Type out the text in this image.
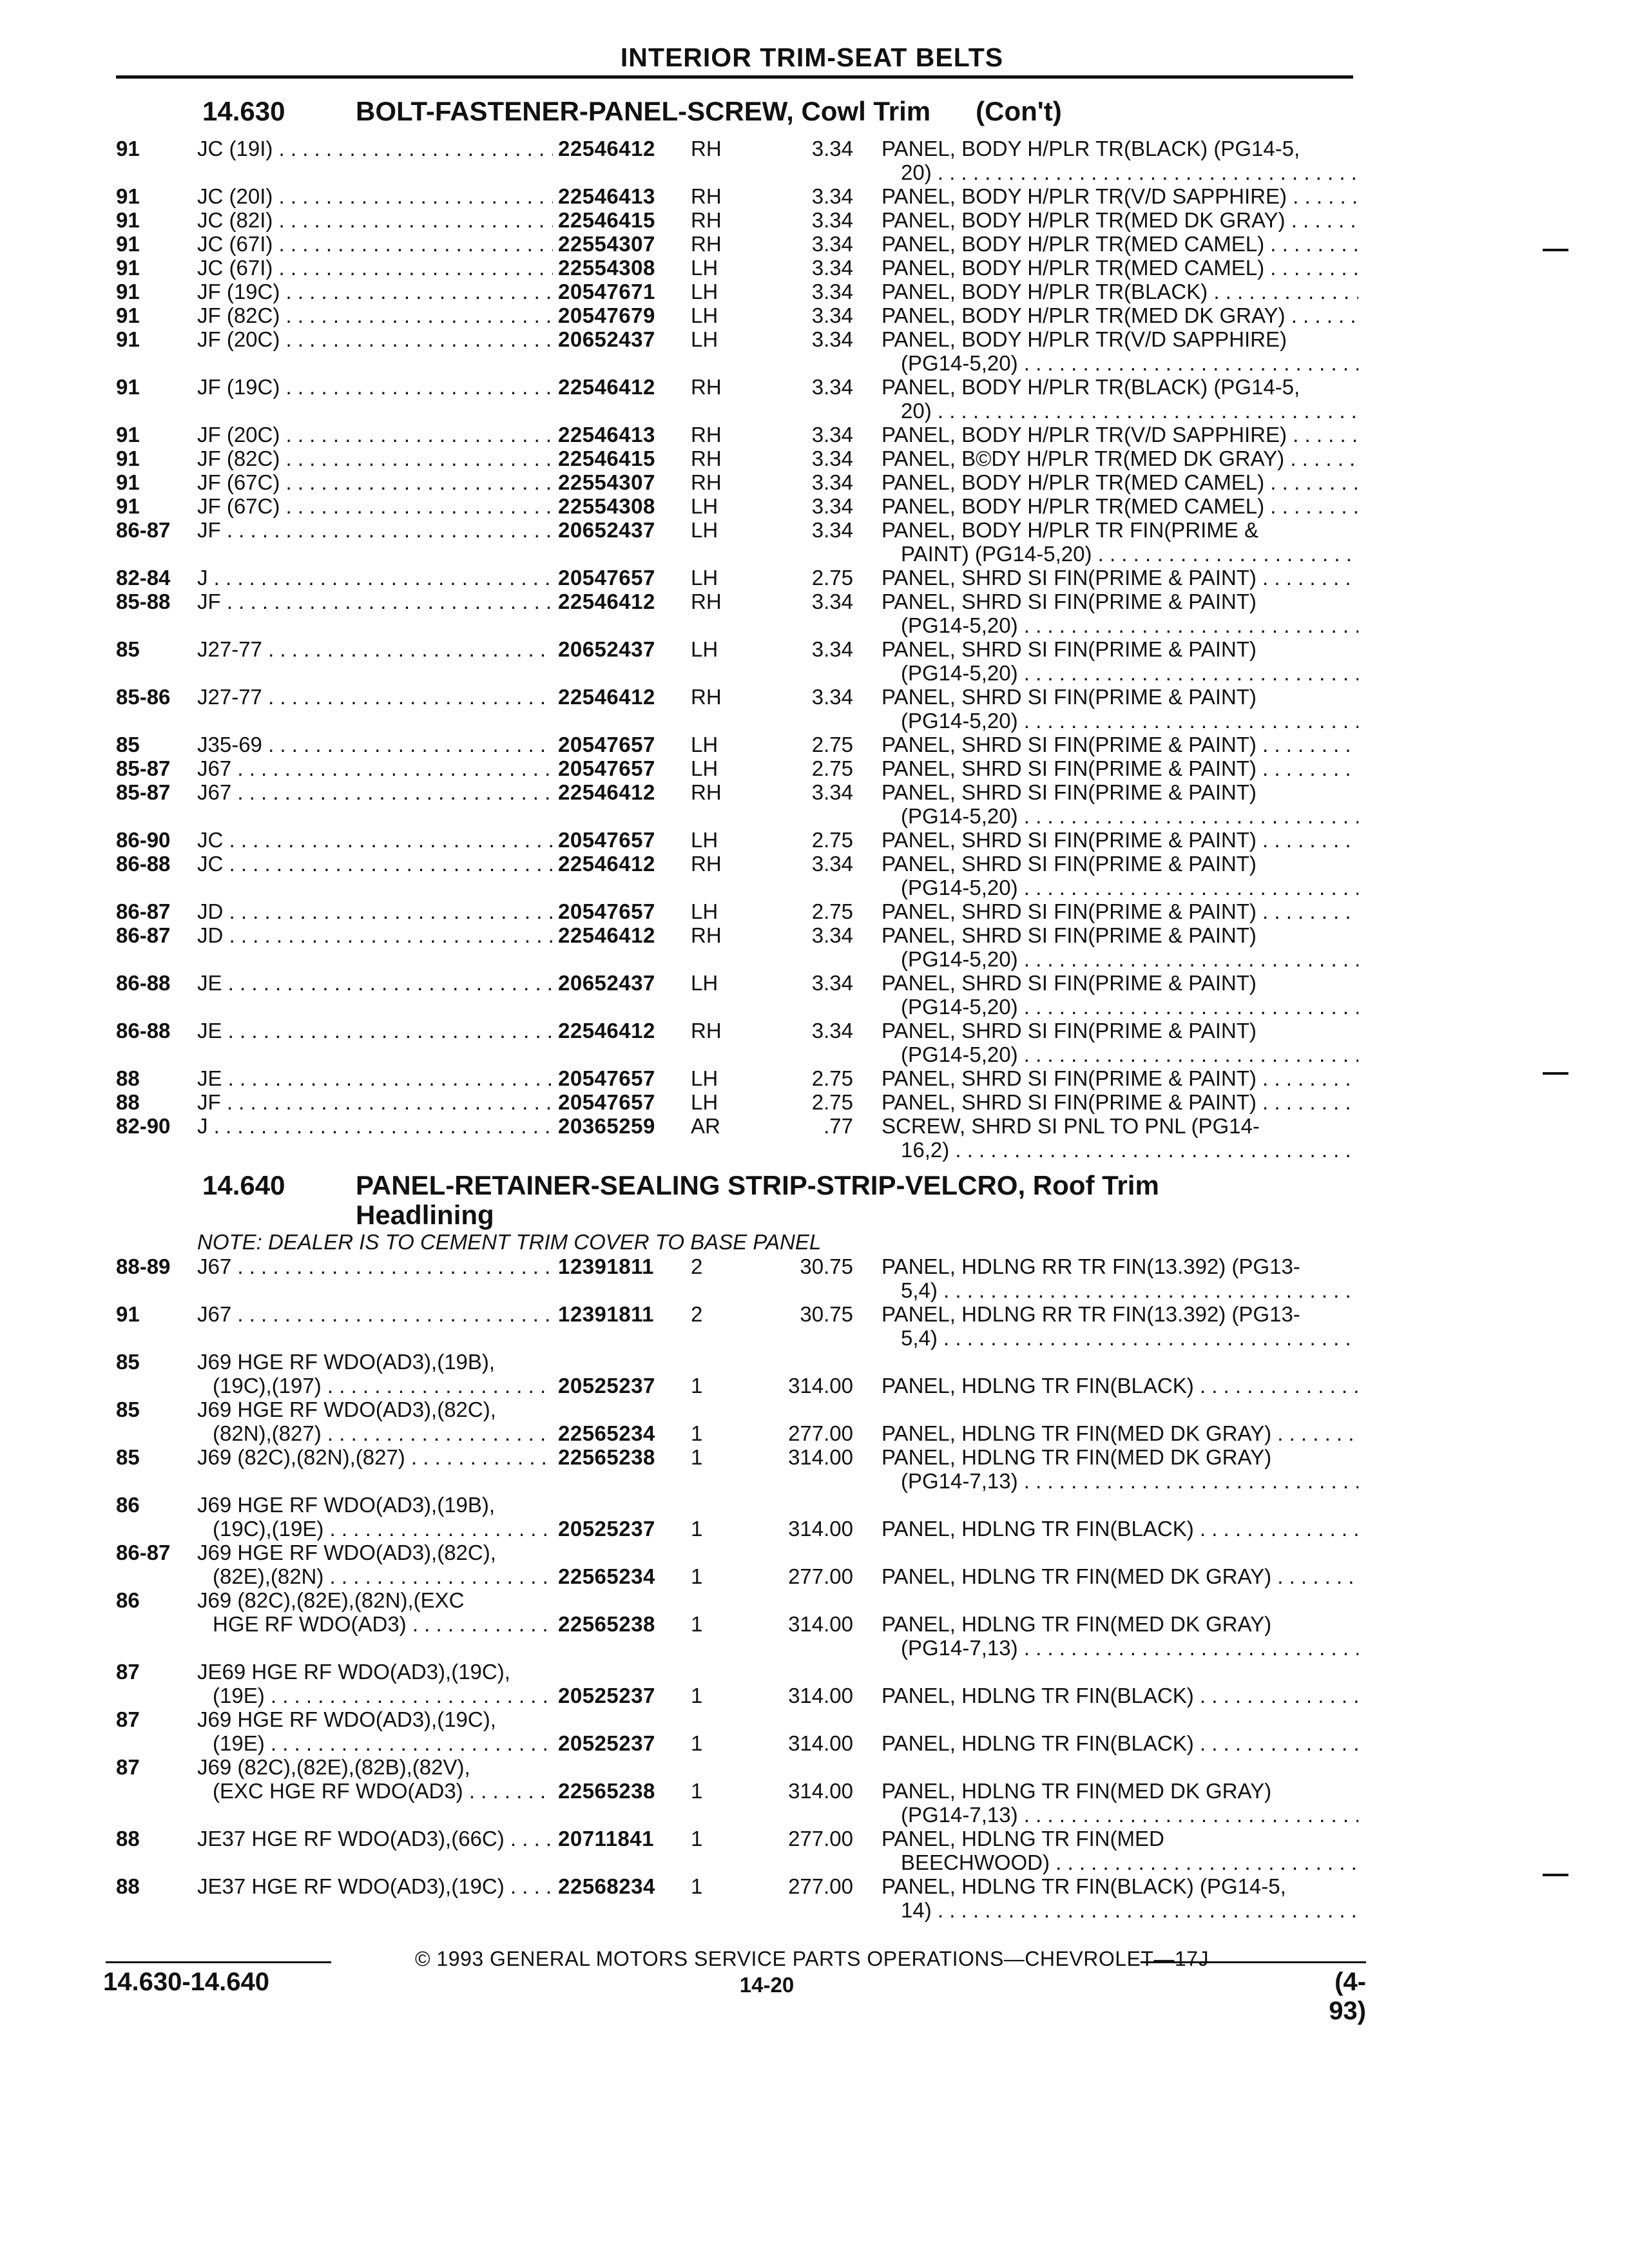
INTERIOR TRIM-SEAT BELTS
14.630	BOLT-FASTENER-PANEL-SCREW, Cowl Trim (Con't)
91	JC (19I) . . .	22546412 RH	3.34 PANEL, BODY H/PLR TR(BLACK) (PG14-5,
20) . . .
91	JC (20I) . . .	22546413 RH	3.34 PANEL, BODY H/PLR TR(V/D SAPPHIRE) . . .
91	JC (82I) . . .	22546415 RH	3.34 PANEL, BODY H/PLR TR(MED DK GRAY) . . .
91	JC (67I) . . .	22554307 RH	3.34 PANEL, BODY H/PLR TR(MED CAMEL) . . .
91	JC (67I) . . .	22554308 LH	3.34 PANEL, BODY H/PLR TR(MED CAMEL) . . .
91	JF (19C) . . .	20547671 LH	3.34 PANEL, BODY H/PLR TR(BLACK) . . .
91	JF (82C) . . .	20547679 LH	3.34 PANEL, BODY H/PLR TR(MED DK GRAY) . . .
91	JF (20C) . . .	20652437 LH	3.34 PANEL, BODY H/PLR TR(V/D SAPPHIRE)
(PG14-5,20) . . .
91	JF (19C) . . .	22546412 RH	3.34 PANEL, BODY H/PLR TR(BLACK) (PG14-5,
20) . . .
91	JF (20C) . . .	22546413 RH	3.34 PANEL, BODY H/PLR TR(V/D SAPPHIRE) . . .
91	JF (82C) . . .	22546415 RH	3.34 PANEL, B©DY H/PLR TR(MED DK GRAY) . . .
91	JF (67C) . . .	22554307 RH	3.34 PANEL, BODY H/PLR TR(MED CAMEL) . . .
91	JF (67C) . . .	22554308 LH	3.34 PANEL, BODY H/PLR TR(MED CAMEL) . . .
86-87 JF . . .	20652437 LH	3.34 PANEL, BODY H/PLR TR FIN(PRIME &
PAINT) (PG14-5,20) . . .
82-84 J . . .	20547657 LH	2.75 PANEL, SHRD SI FIN(PRIME & PAINT) . . .
85-88 JF . . .	22546412 RH	3.34 PANEL, SHRD SI FIN(PRIME & PAINT)
(PG14-5,20) . . .
85	J27-77 . . .	20652437 LH	3.34 PANEL, SHRD SI FIN(PRIME & PAINT)
(PG14-5,20) . . .
85-86 J27-77 . . .	22546412 RH	3.34 PANEL, SHRD SI FIN(PRIME & PAINT)
(PG14-5,20) . . .
85	J35-69 . . .	20547657 LH	2.75 PANEL, SHRD SI FIN(PRIME & PAINT) . . .
85-87 J67 . . .	20547657 LH	2.75 PANEL, SHRD SI FIN(PRIME & PAINT) . . .
85-87 J67 . . .	22546412 RH	3.34 PANEL, SHRD SI FIN(PRIME & PAINT)
(PG14-5,20) . . .
86-90 JC . . .	20547657 LH	2.75 PANEL, SHRD SI FIN(PRIME & PAINT) . . .
86-88 JC . . .	22546412 RH	3.34 PANEL, SHRD SI FIN(PRIME & PAINT)
(PG14-5,20) . . .
86-87 JD . . .	20547657 LH	2.75 PANEL, SHRD SI FIN(PRIME & PAINT) . . .
86-87 JD . . .	22546412 RH	3.34 PANEL, SHRD SI FIN(PRIME & PAINT)
(PG14-5,20) . . .
86-88 JE . . .	20652437 LH	3.34 PANEL, SHRD SI FIN(PRIME & PAINT)
(PG14-5,20) . . .
86-88 JE . . .	22546412 RH	3.34 PANEL, SHRD SI FIN(PRIME & PAINT)
(PG14-5,20) . . .
88	JE . . .	20547657 LH	2.75 PANEL, SHRD SI FIN(PRIME & PAINT) . . .
88	JF . . .	20547657 LH	2.75 PANEL, SHRD SI FIN(PRIME & PAINT) . . .
82-90 J . . .	20365259 AR	.77 SCREW, SHRD SI PNL TO PNL (PG14-
16,2) . . .
14.640	PANEL-RETAINER-SEALING STRIP-STRIP-VELCRO, Roof Trim
Headlining
NOTE: DEALER IS TO CEMENT TRIM COVER TO BASE PANEL
88-89 J67 . . .	12391811 2	30.75 PANEL, HDLNG RR TR FIN(13.392) (PG13-
5,4) . . .
91	J67 . . .	12391811 2	30.75 PANEL, HDLNG RR TR FIN(13.392) (PG13-
5,4) . . .
85	J69 HGE RF WDO(AD3),(19B),
(19C),(197) . . .	20525237 1	314.00 PANEL, HDLNG TR FIN(BLACK) . . .
85	J69 HGE RF WDO(AD3),(82C),
(82N),(827) . . .	22565234 1	277.00 PANEL, HDLNG TR FIN(MED DK GRAY) . . .
85	J69 (82C),(82N),(827) . . .	22565238 1	314.00 PANEL, HDLNG TR FIN(MED DK GRAY)
(PG14-7,13) . . .
86	J69 HGE RF WDO(AD3),(19B),
(19C),(19E) . . .	20525237 1	314.00 PANEL, HDLNG TR FIN(BLACK) . . .
86-87 J69 HGE RF WDO(AD3),(82C),
(82E),(82N) . . .	22565234 1	277.00 PANEL, HDLNG TR FIN(MED DK GRAY) . . .
86	J69 (82C),(82E),(82N),(EXC
HGE RF WDO(AD3) . . .	22565238 1	314.00 PANEL, HDLNG TR FIN(MED DK GRAY)
(PG14-7,13) . . .
87	JE69 HGE RF WDO(AD3),(19C),
(19E) . . .	20525237 1	314.00 PANEL, HDLNG TR FIN(BLACK) . . .
87	J69 HGE RF WDO(AD3),(19C),
(19E) . . .	20525237 1	314.00 PANEL, HDLNG TR FIN(BLACK) . . .
87	J69 (82C),(82E),(82B),(82V),
(EXC HGE RF WDO(AD3) . . .	22565238 1	314.00 PANEL, HDLNG TR FIN(MED DK GRAY)
(PG14-7,13) . . .
88	JE37 HGE RF WDO(AD3),(66C) . . .	20711841 1	277.00 PANEL, HDLNG TR FIN(MED
BEECHWOOD) . . .
88	JE37 HGE RF WDO(AD3),(19C) . . .	22568234 1	277.00 PANEL, HDLNG TR FIN(BLACK) (PG14-5,
14) . . .
© 1993 GENERAL MOTORS SERVICE PARTS OPERATIONS—CHEVROLET—17J
14.630-14.640	14-20	(4-93)
